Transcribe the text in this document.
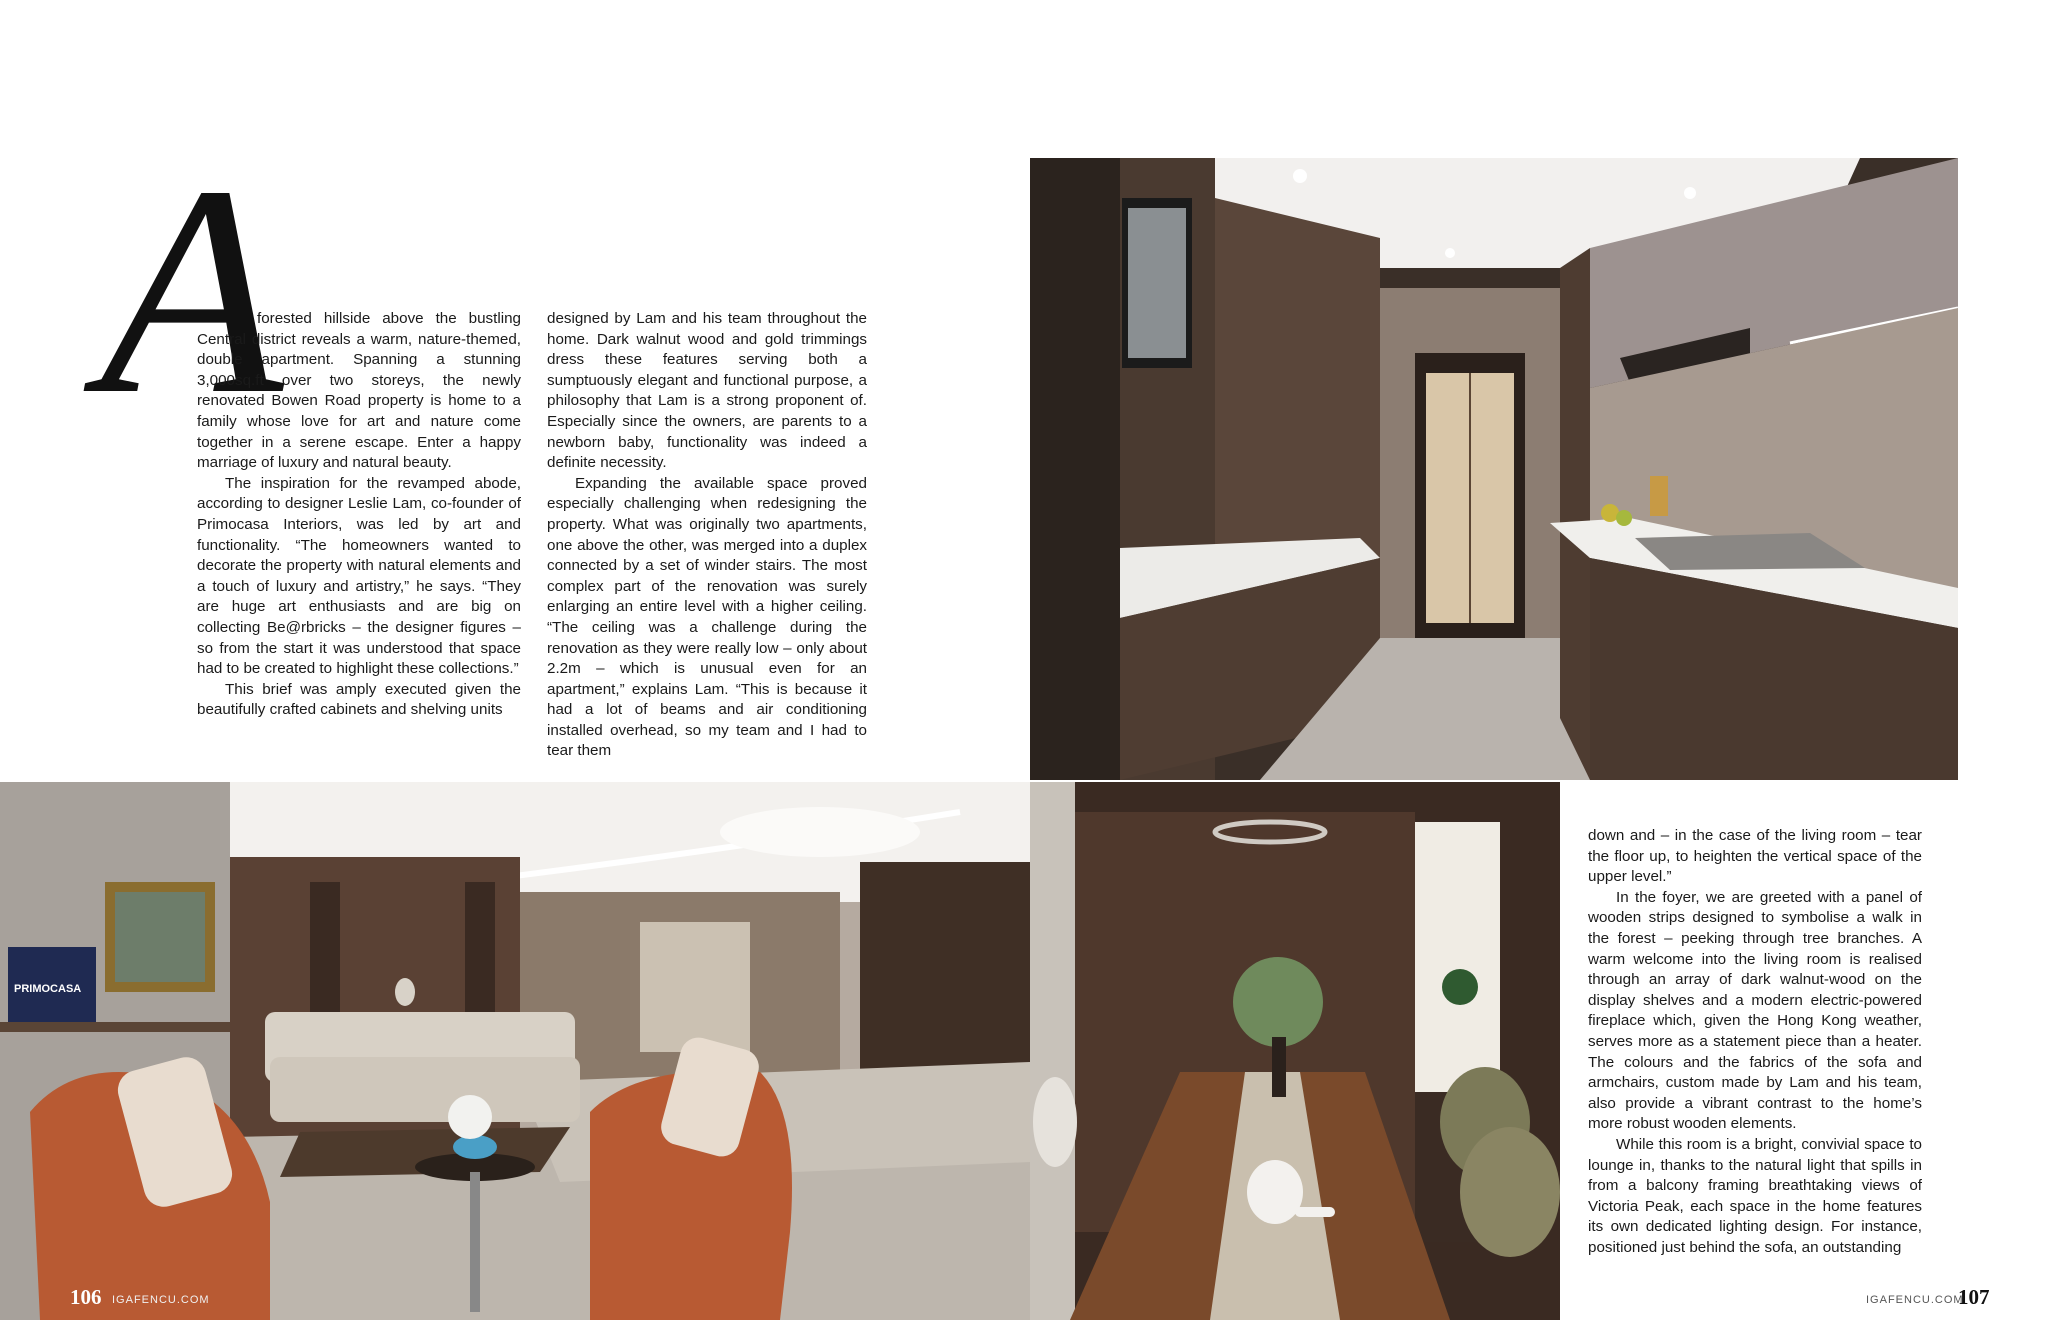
PRIMOCASA
A

forested hillside above the bustling Central district reveals a warm, nature-themed, double apartment. Spanning a stunning 3,000sq.ft over two storeys, the newly renovated Bowen Road property is home to a family whose love for art and nature come together in a serene escape. Enter a happy marriage of luxury and natural beauty.

The inspiration for the revamped abode, according to designer Leslie Lam, co-founder of Primocasa Interiors, was led by art and functionality. “The homeowners wanted to decorate the property with natural elements and a touch of luxury and artistry,” he says. “They are huge art enthusiasts and are big on collecting Be@rbricks – the designer figures – so from the start it was understood that space had to be created to highlight these collections.”

This brief was amply executed given the beautifully crafted cabinets and shelving units

designed by Lam and his team throughout the home. Dark walnut wood and gold trimmings dress these features serving both a sumptuously elegant and functional purpose, a philosophy that Lam is a strong proponent of. Especially since the owners, are parents to a newborn baby, functionality was indeed a definite necessity.

Expanding the available space proved especially challenging when redesigning the property. What was originally two apartments, one above the other, was merged into a duplex connected by a set of winder stairs. The most complex part of the renovation was surely enlarging an entire level with a higher ceiling. “The ceiling was a challenge during the renovation as they were really low – only about 2.2m – which is unusual even for an apartment,” explains Lam. “This is because it had a lot of beams and air conditioning installed overhead, so my team and I had to tear them

down and – in the case of the living room – tear the floor up, to heighten the vertical space of the upper level.”

In the foyer, we are greeted with a panel of wooden strips designed to symbolise a walk in the forest – peeking through tree branches. A warm welcome into the living room is realised through an array of dark walnut-wood on the display shelves and a modern electric-powered fireplace which, given the Hong Kong weather, serves more as a statement piece than a heater. The colours and the fabrics of the sofa and armchairs, custom made by Lam and his team, also provide a vibrant contrast to the home’s more robust wooden elements.

While this room is a bright, convivial space to lounge in, thanks to the natural light that spills in from a balcony framing breathtaking views of Victoria Peak, each space in the home features its own dedicated lighting design. For instance, positioned just behind the sofa, an outstanding

106 IGAFENCU.COM	IGAFENCU.COM
107
